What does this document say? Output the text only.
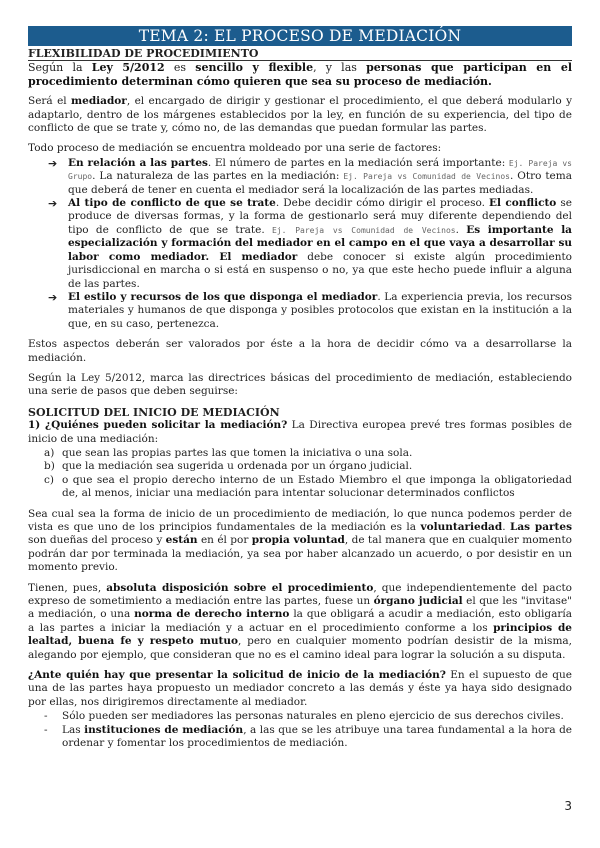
TEMA 2: EL PROCESO DE MEDIACIÓN
FLEXIBILIDAD DE PROCEDIMIENTO

Según la Ley 5/2012 es sencillo y flexible, y las personas que participan en el procedimiento determinan cómo quieren que sea su proceso de mediación.

Será el mediador, el encargado de dirigir y gestionar el procedimiento, el que deberá modularlo y adaptarlo, dentro de los márgenes establecidos por la ley, en función de su experiencia, del tipo de conflicto de que se trate y, cómo no, de las demandas que puedan formular las partes.

Todo proceso de mediación se encuentra moldeado por una serie de factores:

➔ En relación a las partes. El número de partes en la mediación será importante: Ej. Pareja vs Grupo. La naturaleza de las partes en la mediación: Ej. Pareja vs Comunidad de Vecinos. Otro tema que deberá de tener en cuenta el mediador será la localización de las partes mediadas.
➔ Al tipo de conflicto de que se trate. Debe decidir cómo dirigir el proceso. El conflicto se produce de diversas formas, y la forma de gestionarlo será muy diferente dependiendo del tipo de conflicto de que se trate. Ej. Pareja vs Comunidad de Vecinos. Es importante la especialización y formación del mediador en el campo en el que vaya a desarrollar su labor como mediador. El mediador debe conocer si existe algún procedimiento jurisdiccional en marcha o si está en suspenso o no, ya que este hecho puede influir a alguna de las partes.
➔ El estilo y recursos de los que disponga el mediador. La experiencia previa, los recursos materiales y humanos de que disponga y posibles protocolos que existan en la institución a la que, en su caso, pertenezca.

Estos aspectos deberán ser valorados por éste a la hora de decidir cómo va a desarrollarse la mediación.

Según la Ley 5/2012, marca las directrices básicas del procedimiento de mediación, estableciendo una serie de pasos que deben seguirse:

SOLICITUD DEL INICIO DE MEDIACIÓN

1) ¿Quiénes pueden solicitar la mediación? La Directiva europea prevé tres formas posibles de inicio de una mediación:

a) que sean las propias partes las que tomen la iniciativa o una sola.
b) que la mediación sea sugerida u ordenada por un órgano judicial.
c) o que sea el propio derecho interno de un Estado Miembro el que imponga la obligatoriedad de, al menos, iniciar una mediación para intentar solucionar determinados conflictos

Sea cual sea la forma de inicio de un procedimiento de mediación, lo que nunca podemos perder de vista es que uno de los principios fundamentales de la mediación es la voluntariedad. Las partes son dueñas del proceso y están en él por propia voluntad, de tal manera que en cualquier momento podrán dar por terminada la mediación, ya sea por haber alcanzado un acuerdo, o por desistir en un momento previo.

Tienen, pues, absoluta disposición sobre el procedimiento, que independientemente del pacto expreso de sometimiento a mediación entre las partes, fuese un órgano judicial el que les "invitase" a mediación, o una norma de derecho interno la que obligará a acudir a mediación, esto obligaría a las partes a iniciar la mediación y a actuar en el procedimiento conforme a los principios de lealtad, buena fe y respeto mutuo, pero en cualquier momento podrían desistir de la misma, alegando por ejemplo, que consideran que no es el camino ideal para lograr la solución a su disputa.

¿Ante quién hay que presentar la solicitud de inicio de la mediación? En el supuesto de que una de las partes haya propuesto un mediador concreto a las demás y éste ya haya sido designado por ellas, nos dirigiremos directamente al mediador.

- Sólo pueden ser mediadores las personas naturales en pleno ejercicio de sus derechos civiles.
- Las instituciones de mediación, a las que se les atribuye una tarea fundamental a la hora de ordenar y fomentar los procedimientos de mediación.
3
